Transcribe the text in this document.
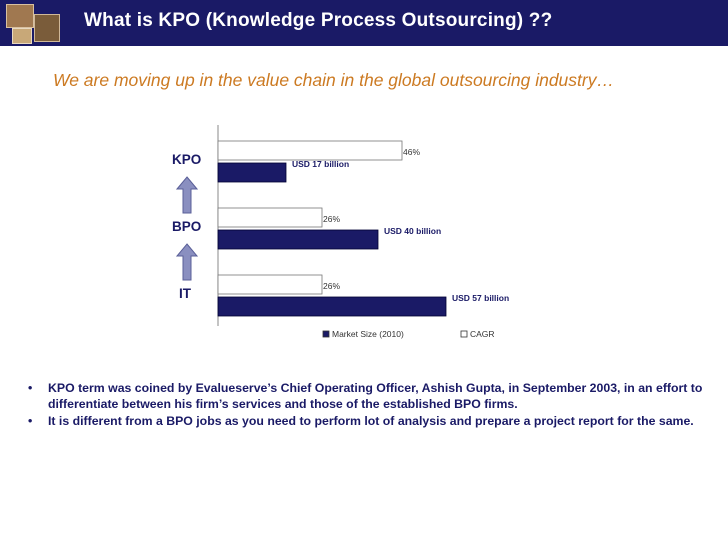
What is KPO (Knowledge Process Outsourcing) ??
We are moving up in the value chain in the global outsourcing industry…
KPO
BPO
IT
46%
USD 17 billion
26%
USD 40 billion
26%
USD 57 billion
Market Size (2010)	CAGR
• KPO term was coined by Evalueserve’s Chief Operating Officer, Ashish Gupta, in September 2003, in an effort to differentiate between his firm’s services and those of the established BPO firms.
• It is different from a BPO jobs as you need to perform lot of analysis and prepare a project report for the same.
